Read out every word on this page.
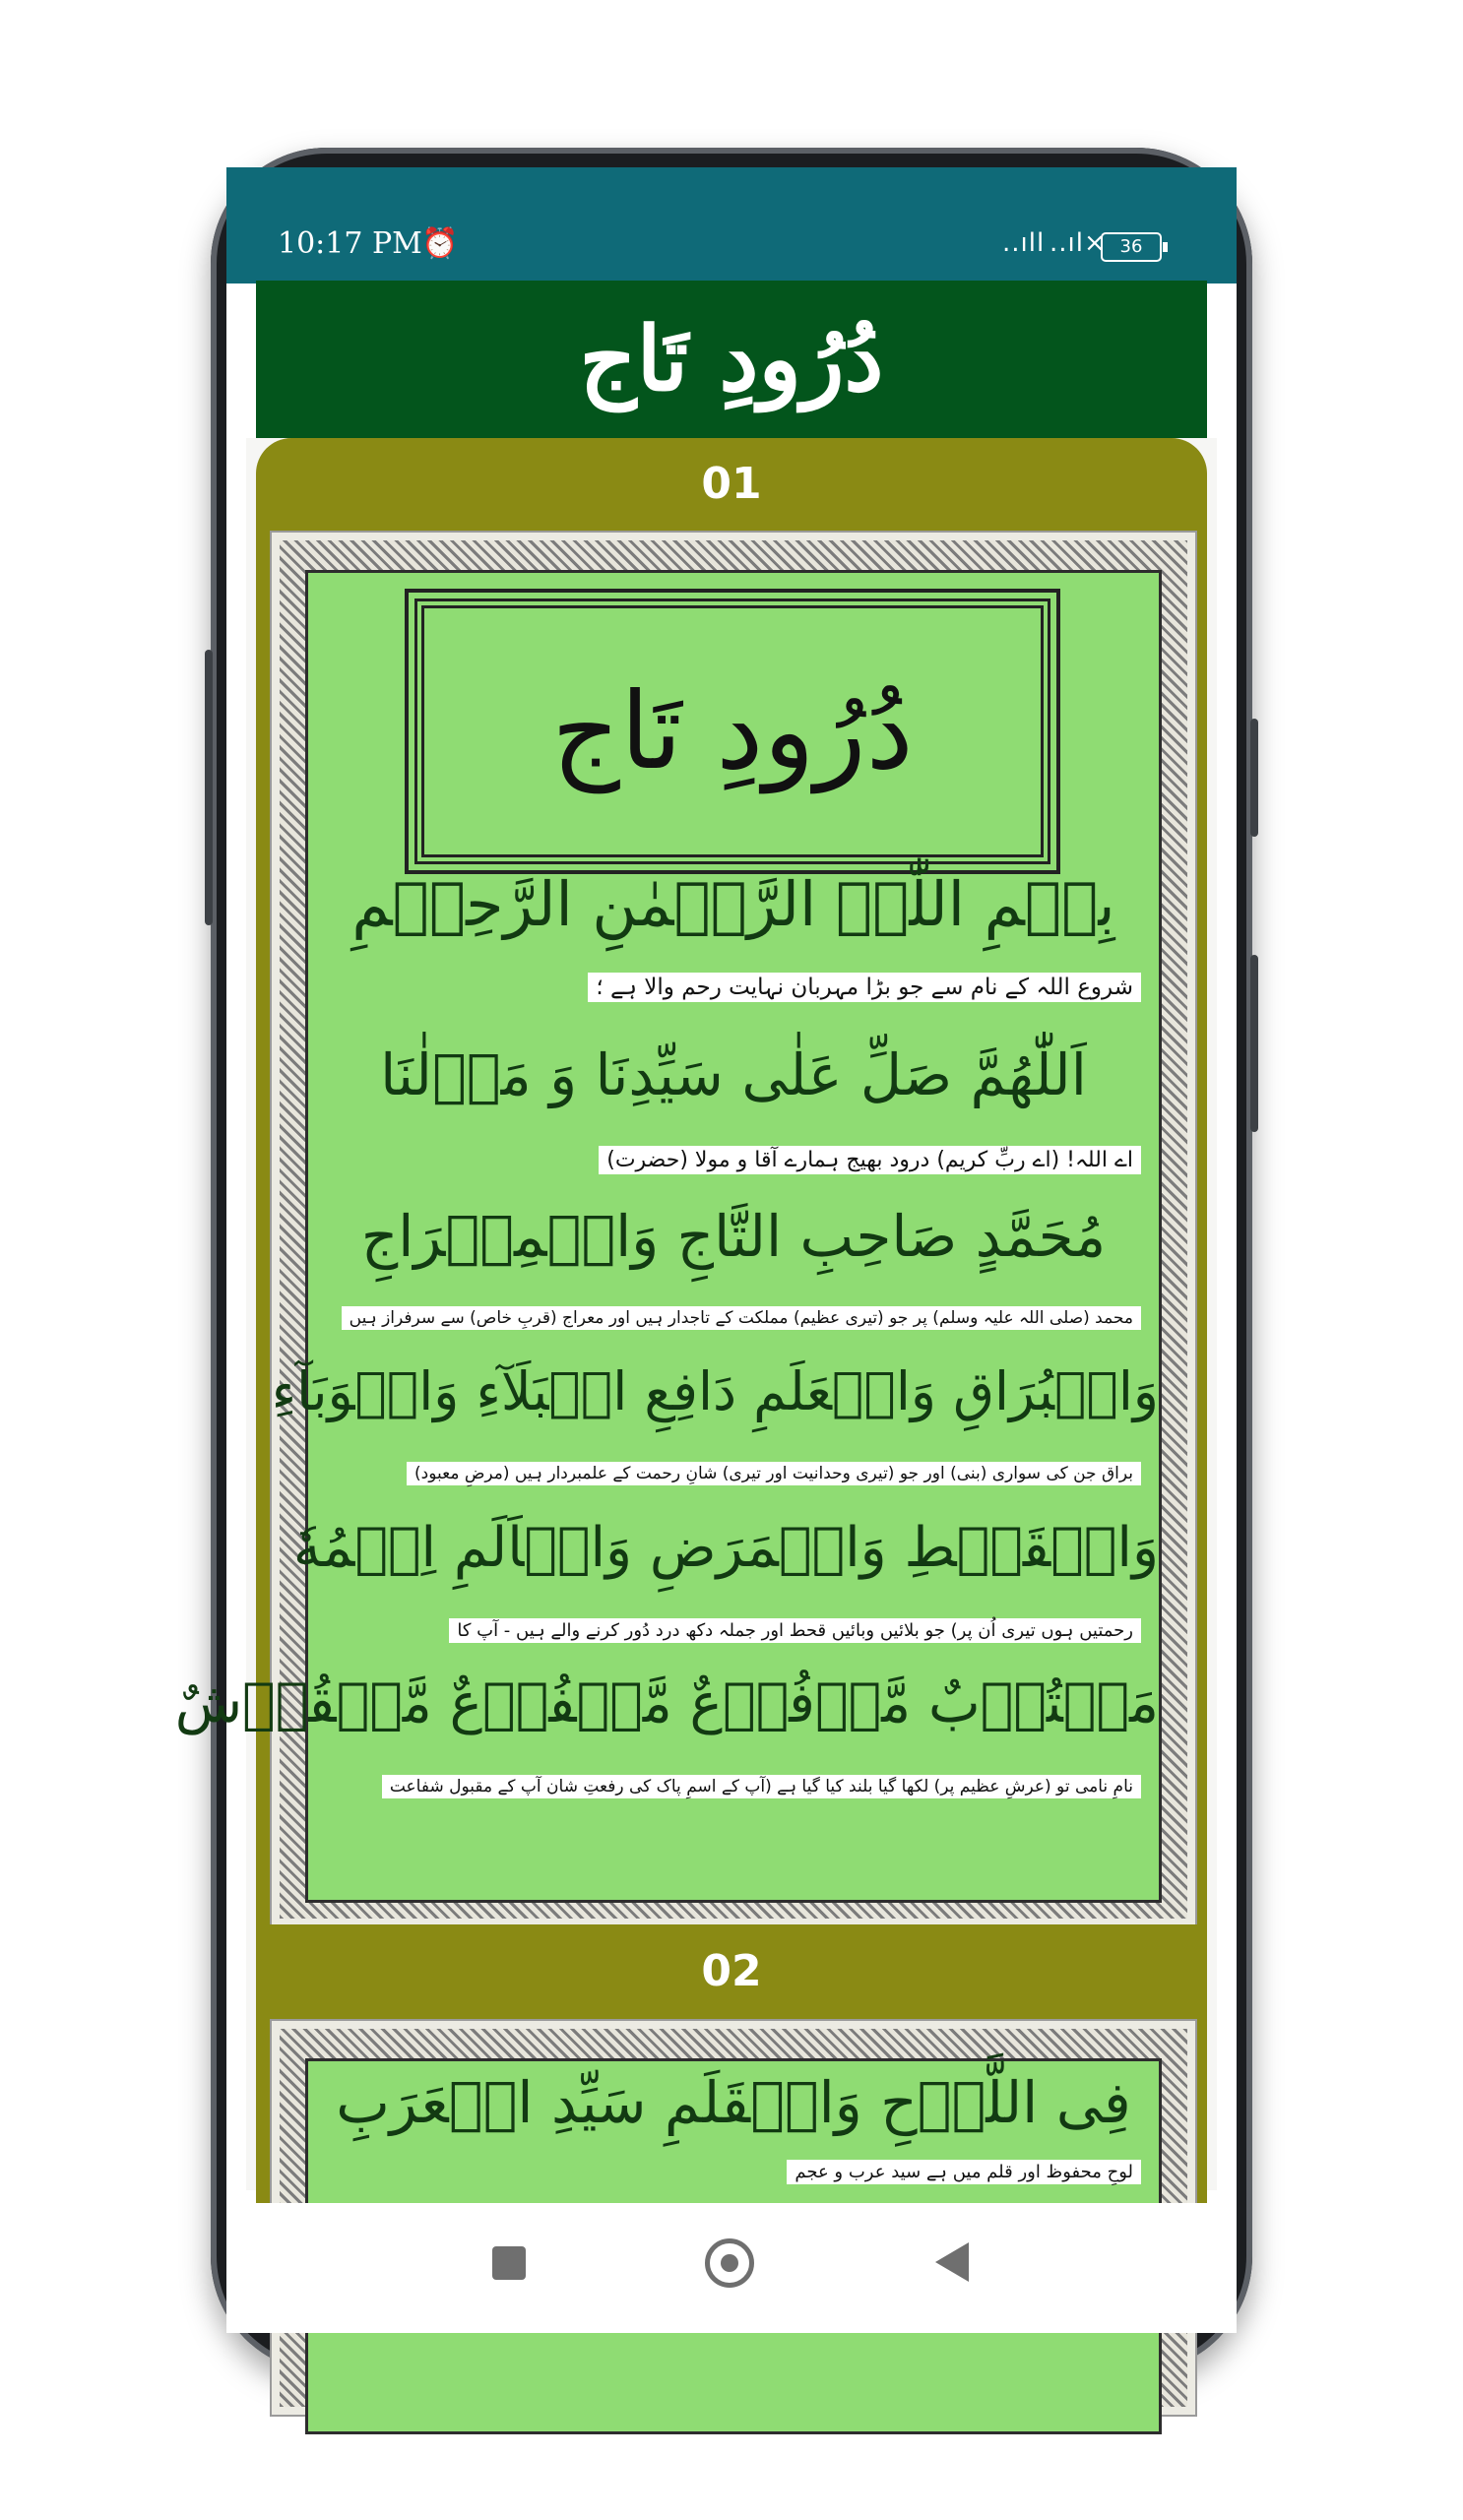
10:17 PM ⏰	..ıll ..ıl× 36
دُرُودِ تَاج
01
دُرُودِ تَاج
بِسۡمِ اللّٰہِ الرَّحۡمٰنِ الرَّحِیۡمِ
شروع اللہ کے نام سے جو بڑا مہربان نہایت رحم والا ہے ؛
اَللّٰھُمَّ صَلِّ عَلٰی سَیِّدِنَا وَ مَوۡلٰنَا
اے اللہ! (اے ربِّ کریم) درود بھیج ہمارے آقا و مولا (حضرت)
مُحَمَّدٍ صَاحِبِ التَّاجِ وَالۡمِعۡرَاجِ
محمد (صلی اللہ علیہ وسلم) پر جو (تیری عظیم) مملکت کے تاجدار ہیں اور معراج (قربِ خاص) سے سرفراز ہیں
وَالۡبُرَاقِ وَالۡعَلَمِ دَافِعِ الۡبَلَآءِ وَالۡوَبَآءِ
براق جن کی سواری (بنی) اور جو (تیری وحدانیت اور تیری) شانِ رحمت کے علمبردار ہیں (مرضِ معبود)
وَالۡقَحۡطِ وَالۡمَرَضِ وَالۡاَلَمِ اِسۡمُهٗ
رحمتیں ہوں تیری اُن پر) جو بلائیں وبائیں قحط اور جملہ دکھ درد دُور کرنے والے ہیں - آپ کا
مَکۡتُوۡبٌ مَّرۡفُوۡعٌ مَّشۡفُوۡعٌ مَّنۡقُوۡشٌ
نامِ نامی تو (عرشِ عظیم پر) لکھا گیا بلند کیا گیا ہے (آپ کے اسمِ پاک کی رفعتِ شان آپ کے مقبول شفاعت
02
فِی اللَّوۡحِ وَالۡقَلَمِ سَیِّدِ الۡعَرَبِ
لوحِ محفوظ اور قلم میں ہے سید عرب و عجم
